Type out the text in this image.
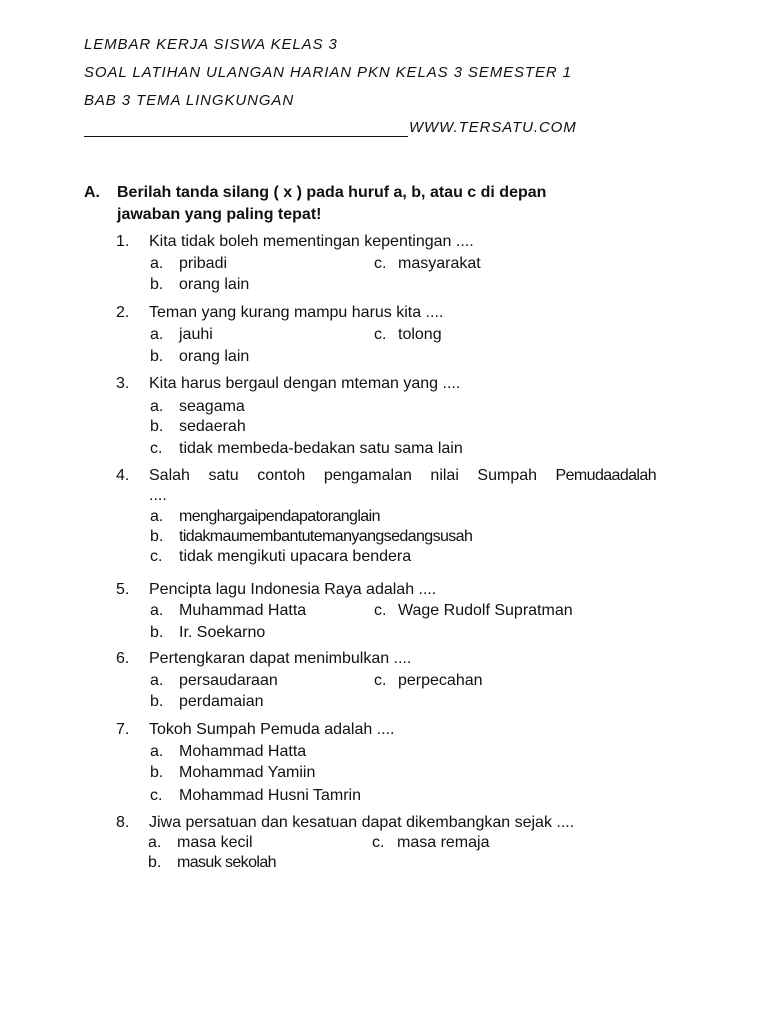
LEMBAR KERJA SISWA KELAS 3
SOAL LATIHAN ULANGAN HARIAN PKN KELAS 3 SEMESTER 1
BAB 3 TEMA LINGKUNGAN
WWW.TERSATU.COM
A. Berilah tanda silang ( x ) pada huruf a, b, atau c di depan
jawaban yang paling tepat!
1. Kita tidak boleh mementingan kepentingan ....
a. pribadi	c. masyarakat
b. orang lain
2. Teman yang kurang mampu harus kita ....
a. jauhi	c. tolong
b. orang lain
3. Kita harus bergaul dengan mteman yang ....
a. seagama
b. sedaerah
c. tidak membeda-bedakan satu sama lain
4. Salah satu contoh pengamalan nilai Sumpah Pemudaadalah
....
a. menghargaipendapatoranglain
b. tidakmaumembantutemanyangsedangsusah
c. tidak mengikuti upacara bendera
5. Pencipta lagu Indonesia Raya adalah ....
a. Muhammad Hatta	c. Wage Rudolf Supratman
b. Ir. Soekarno
6. Pertengkaran dapat menimbulkan ....
a. persaudaraan	c. perpecahan
b. perdamaian
7. Tokoh Sumpah Pemuda adalah ....
a. Mohammad Hatta
b. Mohammad Yamiin
c. Mohammad Husni Tamrin
8. Jiwa persatuan dan kesatuan dapat dikembangkan sejak ....
a. masa kecil	c. masa remaja
b. masuk sekolah
